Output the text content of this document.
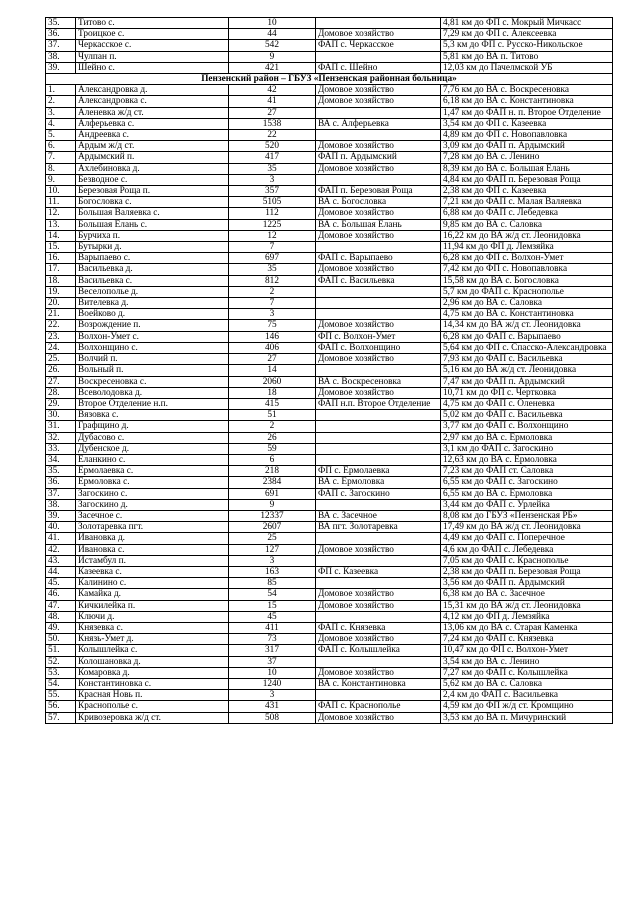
35.	Титово с.	10		4,81 км до ФП с. Мокрый Мичкасс
36.	Троицкое с.	44	Домовое хозяйство	7,29 км до ФП с. Алексеевка
37.	Черкасское с.	542	ФАП с. Черкасское	5,3 км до ФП с. Русско-Никольское
38.	Чулпан п.	9		5,81 км до ВА п. Титово
39.	Шейно с.	421	ФАП с. Шейно	12,03 км до Пачелмской УБ
Пензенский район – ГБУЗ «Пензенская районная больница»				
1.	Александровка д.	42	Домовое хозяйство	7,76 км до ВА с. Воскресеновка
2.	Александровка с.	41	Домовое хозяйство	6,18 км до ВА с. Константиновка
3.	Аленевка ж/д ст.	27		1,47 км до ФАП н. п. Второе Отделение
4.	Алферьевка с.	1538	ВА с. Алферьевка	3,54 км до ФП с. Казеевка
5.	Андреевка с.	22		4,89 км до ФП с. Новопавловка
6.	Ардым ж/д ст.	520	Домовое хозяйство	3,09 км до ФАП п. Ардымский
7.	Ардымский п.	417	ФАП п. Ардымский	7,28 км до ВА с. Ленино
8.	Ахлебиновка д.	35	Домовое хозяйство	8,39 км до ВА с. Большая Елань
9.	Безводное с.	3		4,84 км до ФАП п. Березовая Роща
10.	Березовая Роща п.	357	ФАП п. Березовая Роща	2,38 км до ФП с. Казеевка
11.	Богословка с.	5105	ВА с. Богословка	7,21 км до ФАП с. Малая Валяевка
12.	Большая Валяевка с.	112	Домовое хозяйство	6,88 км до ФАП с. Лебедевка
13.	Большая Елань с.	1225	ВА с. Большая Елань	9,85 км до ВА с. Саловка
14.	Бурчиха п.	12	Домовое хозяйство	16,22 км до ВА ж/д ст. Леонидовка
15.	Бутырки д.	7		11,94 км до ФП д. Лемзяйка
16.	Варыпаево с.	697	ФАП с. Варыпаево	6,28 км до ФП с. Волхон-Умет
17.	Васильевка д.	35	Домовое хозяйство	7,42 км до ФП с. Новопавловка
18.	Васильевка с.	812	ФАП с. Васильевка	15,58 км до ВА с. Богословка
19.	Веселополье д.	2		5,7 км до ФАП с. Краснополье
20.	Вителевка д.	7		2,96 км до ВА с. Саловка
21.	Воейково д.	3		4,75 км до ВА с. Константиновка
22.	Возрождение п.	75	Домовое хозяйство	14,34 км до ВА ж/д ст. Леонидовка
23.	Волхон-Умет с.	146	ФП с. Волхон-Умет	6,28 км до ФАП с. Варыпаево
24.	Волхонщино с.	406	ФАП с. Волхонщино	5,64 км до ФП с. Спасско-Александровка
25.	Волчий п.	27	Домовое хозяйство	7,93 км до ФАП с. Васильевка
26.	Вольный п.	14		5,16 км до ВА ж/д ст. Леонидовка
27.	Воскресеновка с.	2060	ВА с. Воскресеновка	7,47 км до ФАП п. Ардымский
28.	Всеволодовка д.	18	Домовое хозяйство	10,71 км до ФП с. Чертковка
29.	Второе Отделение н.п.	415	ФАП н.п. Второе Отделение	4,75 км до ФАП с. Оленевка
30.	Вязовка с.	51		5,02 км до ФАП с. Васильевка
31.	Графщино д.	2		3,77 км до ФАП с. Волхонщино
32.	Дубасово с.	26		2,97 км до ВА с. Ермоловка
33.	Дубенское д.	59		3,1 км до ФАП с. Загоскино
34.	Еланкино с.	6		12,63 км до ВА с. Ермоловка
35.	Ермолаевка с.	218	ФП с. Ермолаевка	7,23 км до ФАП ст. Саловка
36.	Ермоловка с.	2384	ВА с. Ермоловка	6,55 км до ФАП с. Загоскино
37.	Загоскино с.	691	ФАП с. Загоскино	6,55 км до ВА с. Ермоловка
38.	Загоскино д.	9		3,44 км до ФАП с. Урлейка
39.	Засечное с.	12337	ВА с. Засечное	8,08 км до ГБУЗ «Пензенская РБ»
40.	Золотаревка пгт.	2607	ВА пгт. Золотаревка	17,49 км до ВА ж/д ст. Леонидовка
41.	Ивановка д.	25		4,49 км до ФАП с. Поперечное
42.	Ивановка с.	127	Домовое хозяйство	4,6 км до ФАП с. Лебедевка
43.	Истамбул п.	3		7,05 км до ФАП с. Краснополье
44.	Казеевка с.	163	ФП с. Казеевка	2,38 км до ФАП п. Березовая Роща
45.	Калинино с.	85		3,56 км до ФАП п. Ардымский
46.	Камайка д.	54	Домовое хозяйство	6,38 км до ВА с. Засечное
47.	Кичкилейка п.	15	Домовое хозяйство	15,31 км до ВА ж/д ст. Леонидовка
48.	Ключи д.	45		4,12 км до ФП д. Лемзяйка
49.	Князевка с.	411	ФАП с. Князевка	13,06 км до ВА с. Старая Каменка
50.	Князь-Умет д.	73	Домовое хозяйство	7,24 км до ФАП с. Князевка
51.	Колышлейка с.	317	ФАП с. Колышлейка	10,47 км до ФП с. Волхон-Умет
52.	Колошановка д.	37		3,54 км до ВА с. Ленино
53.	Комаровка д.	10	Домовое хозяйство	7,27 км до ФАП с. Колышлейка
54.	Константиновка с.	1240	ВА с. Константиновка	5,62 км до ВА с. Саловка
55.	Красная Новь п.	3		2,4 км до ФАП с. Васильевка
56.	Краснополье с.	431	ФАП с. Краснополье	4,59 км до ФП ж/д ст. Кромщино
57.	Кривозеровка ж/д ст.	508	Домовое хозяйство	3,53 км до ВА п. Мичуринский
